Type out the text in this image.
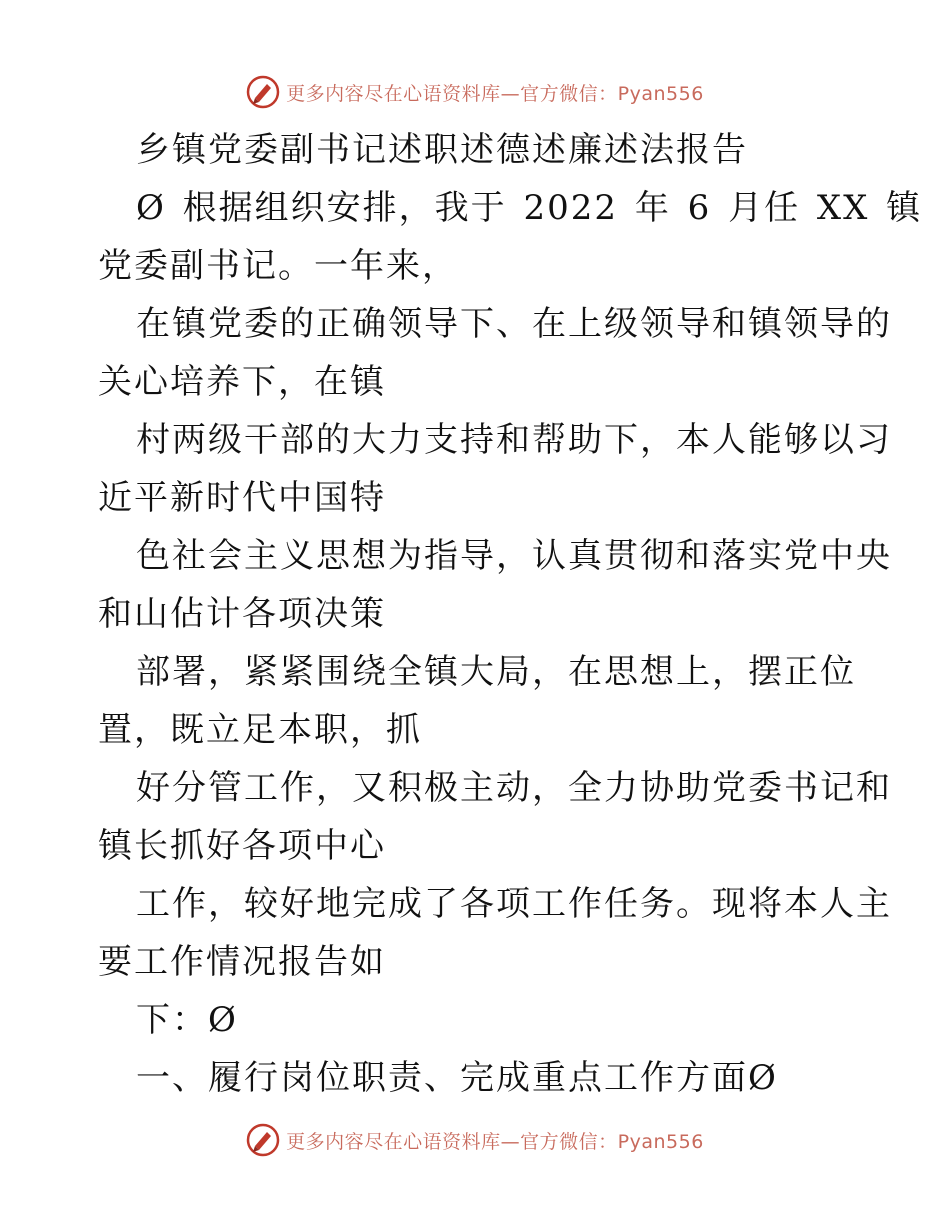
更多内容尽在心语资料库—官方微信：Pyan556
乡镇党委副书记述职述德述廉述法报告
Ø 根据组织安排，我于 2022 年 6 月任 XX 镇
党委副书记。一年来，
在镇党委的正确领导下、在上级领导和镇领导的
关心培养下，在镇
村两级干部的大力支持和帮助下，本人能够以习
近平新时代中国特
色社会主义思想为指导，认真贯彻和落实党中央
和山佔计各项决策
部署，紧紧围绕全镇大局，在思想上，摆正位
置，既立足本职，抓
好分管工作，又积极主动，全力协助党委书记和
镇长抓好各项中心
工作，较好地完成了各项工作任务。现将本人主
要工作情况报告如
下：Ø
一、履行岗位职责、完成重点工作方面Ø
更多内容尽在心语资料库—官方微信：Pyan556
